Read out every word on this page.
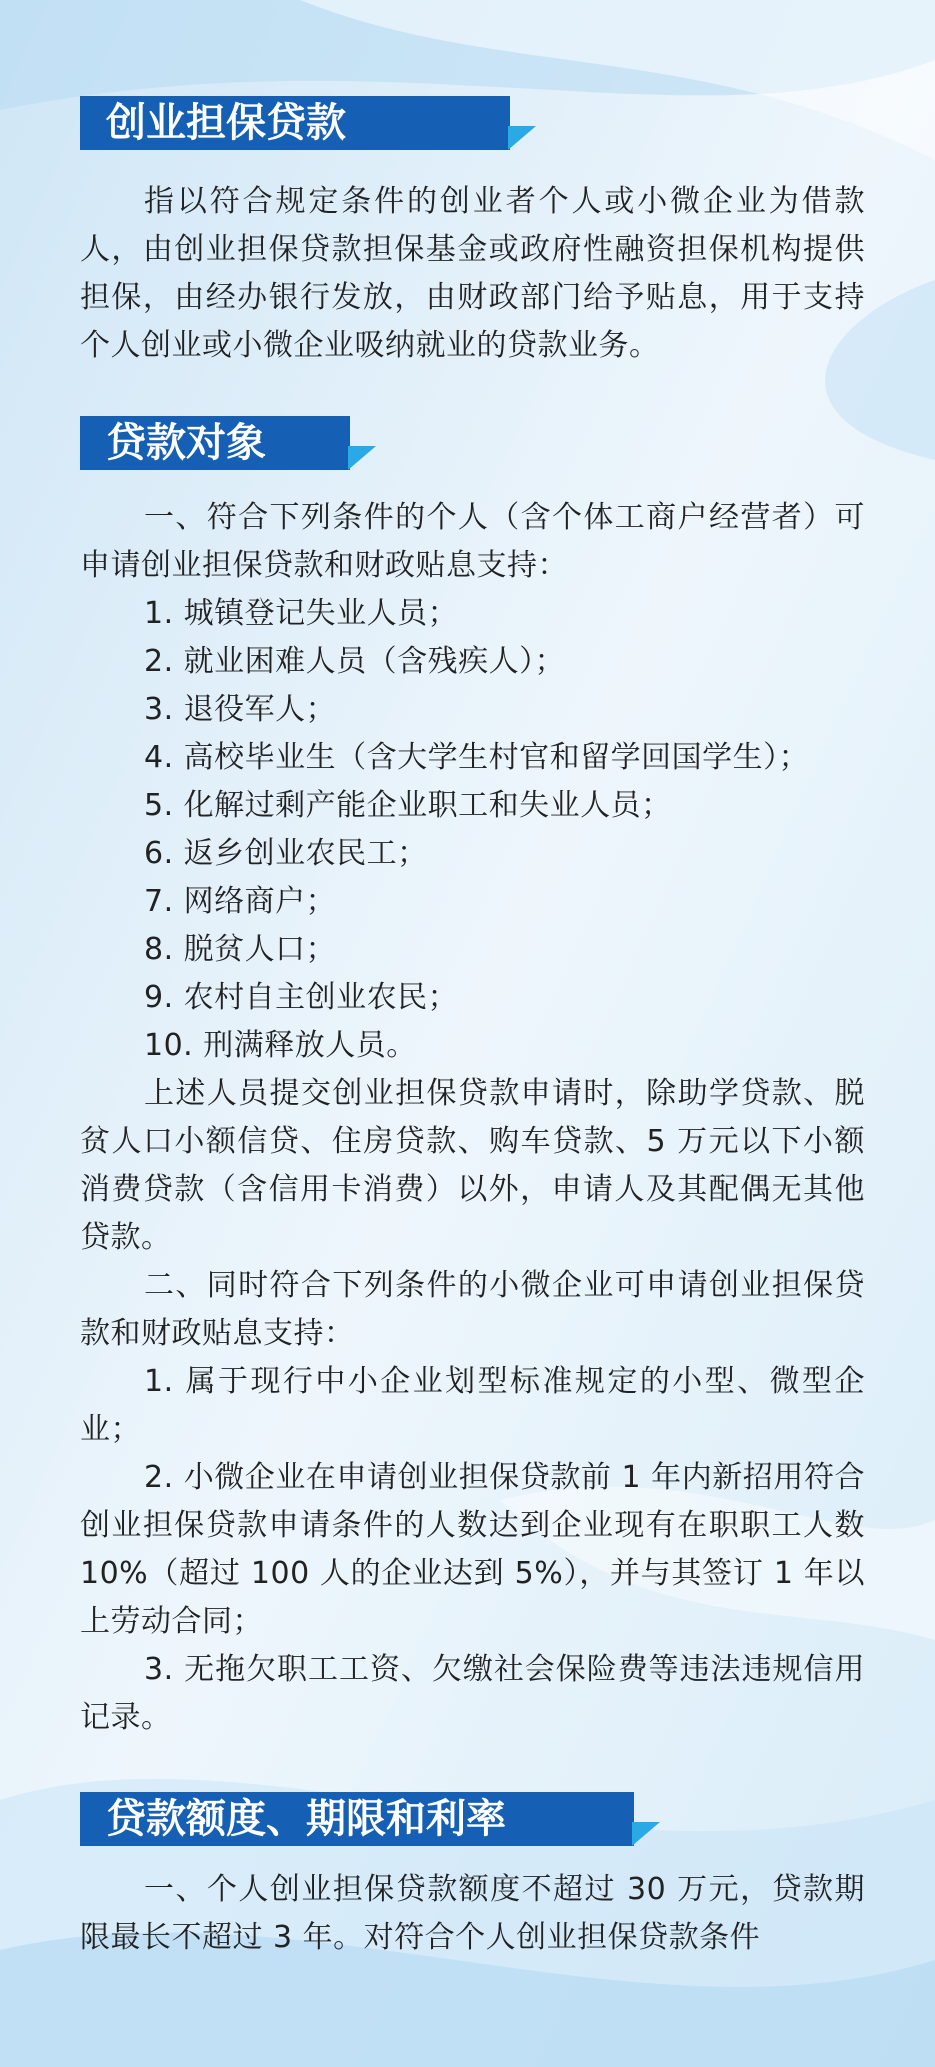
创业担保贷款

指以符合规定条件的创业者个人或小微企业为借款人，由创业担保贷款担保基金或政府性融资担保机构提供担保，由经办银行发放，由财政部门给予贴息，用于支持个人创业或小微企业吸纳就业的贷款业务。

贷款对象

一、符合下列条件的个人（含个体工商户经营者）可申请创业担保贷款和财政贴息支持：

1. 城镇登记失业人员；

2. 就业困难人员（含残疾人）；

3. 退役军人；

4. 高校毕业生（含大学生村官和留学回国学生）；

5. 化解过剩产能企业职工和失业人员；

6. 返乡创业农民工；

7. 网络商户；

8. 脱贫人口；

9. 农村自主创业农民；

10. 刑满释放人员。

上述人员提交创业担保贷款申请时，除助学贷款、脱贫人口小额信贷、住房贷款、购车贷款、5 万元以下小额消费贷款（含信用卡消费）以外，申请人及其配偶无其他贷款。

二、同时符合下列条件的小微企业可申请创业担保贷款和财政贴息支持：

1. 属于现行中小企业划型标准规定的小型、微型企业；

2. 小微企业在申请创业担保贷款前 1 年内新招用符合创业担保贷款申请条件的人数达到企业现有在职职工人数 10%（超过 100 人的企业达到 5%），并与其签订 1 年以上劳动合同；

3. 无拖欠职工工资、欠缴社会保险费等违法违规信用记录。

贷款额度、期限和利率

一、个人创业担保贷款额度不超过 30 万元，贷款期限最长不超过 3 年。对符合个人创业担保贷款条件
